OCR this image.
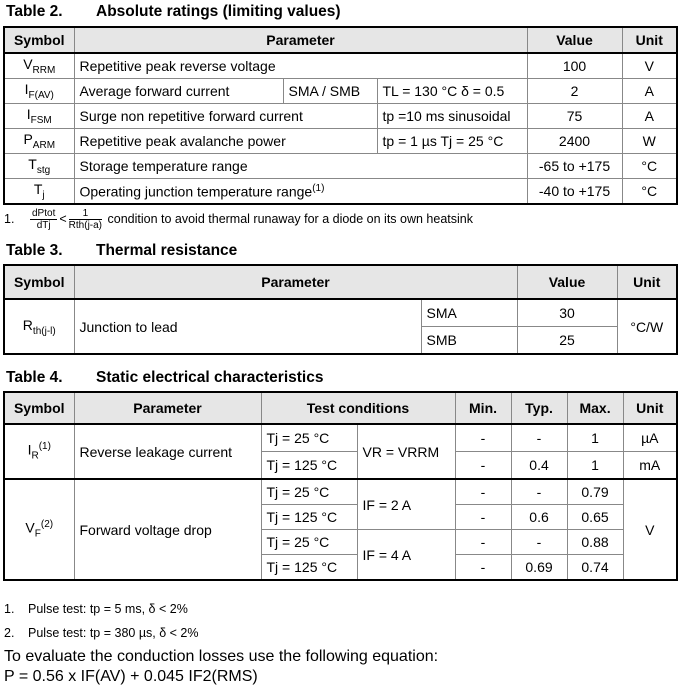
Table 2. Absolute ratings (limiting values)
Symbol	Parameter			Value	Unit
$V_{RRM}$	Repetitive peak reverse voltage			100	V
$I_{F(AV)}$	Average forward current	SMA / SMB	TL = 130 °C δ = 0.5	2	A
$I_{FSM}$	Surge non repetitive forward current		tp =10 ms sinusoidal	75	A
$P_{ARM}$	Repetitive peak avalanche power		tp = 1 µs Tj = 25 °C	2400	W
$T_{stg}$	Storage temperature range			-65 to +175	°C
$T_j$	Operating junction temperature range$^{(1)}$			-40 to +175	°C
1. $\frac{\text{dPtot}}{\text{dTj}} < \frac{1}{\text{Rth(j-a)}}$ condition to avoid thermal runaway for a diode on its own heatsink
Table 3. Thermal resistance
Symbol	Parameter		Value	Unit
$R_{th(j-l)}$	Junction to lead	SMA	30	°C/W
		SMB	25	
Table 4. Static electrical characteristics
Symbol	Parameter	Test conditions		Min.	Typ.	Max.	Unit
$I_R^{(1)}$	Reverse leakage current	Tj = 25 °C	VR = VRRM	-	-	1	µA
		Tj = 125 °C		-	0.4	1	mA
$V_F^{(2)}$	Forward voltage drop	Tj = 25 °C	IF = 2 A	-	-	0.79	V
		Tj = 125 °C		-	0.6	0.65	
		Tj = 25 °C	IF = 4 A	-	-	0.88	
		Tj = 125 °C		-	0.69	0.74	
1. Pulse test: tp = 5 ms, δ < 2%
2. Pulse test: tp = 380 µs, δ < 2%
To evaluate the conduction losses use the following equation:
P = 0.56 x IF(AV) + 0.045 IF2(RMS)
